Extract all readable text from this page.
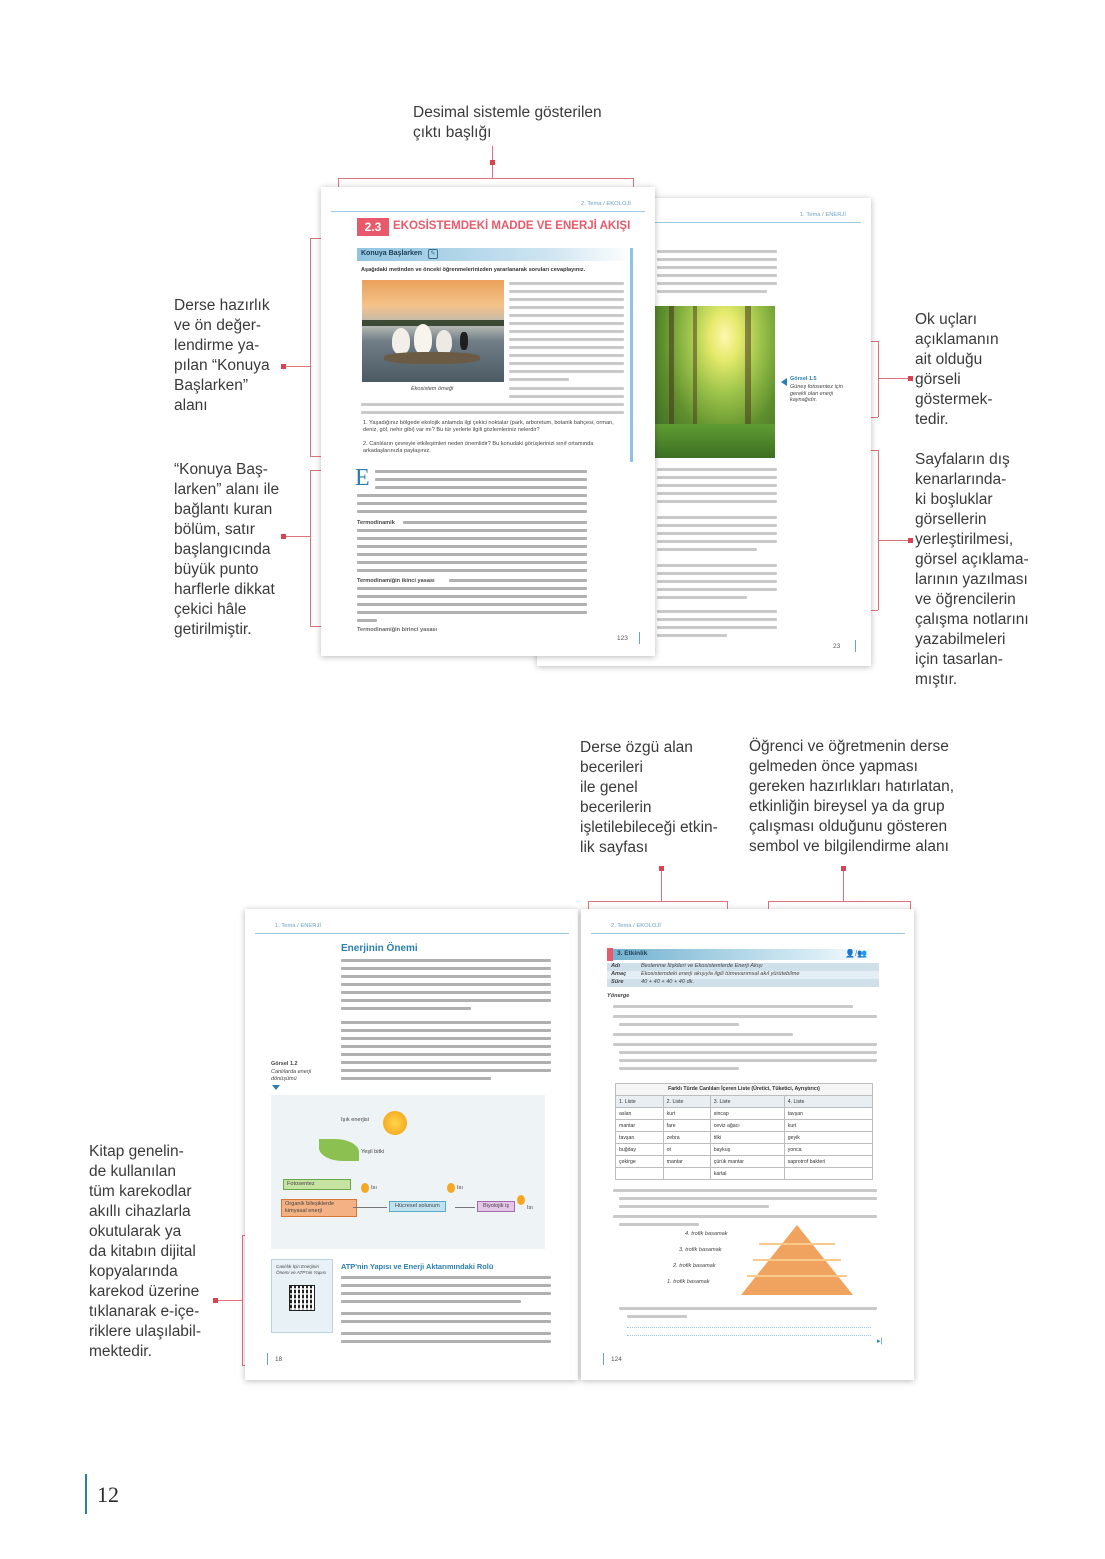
Desimal sistemle gösterilen
çıktı başlığı
Derse hazırlık
ve ön değer-
lendirme ya-
pılan “Konuya
Başlarken”
alanı
“Konuya Baş-
larken” alanı ile
bağlantı kuran
bölüm, satır
başlangıcında
büyük punto
harflerle dikkat
çekici hâle
getirilmiştir.
Ok uçları
açıklamanın
ait olduğu
görseli
göstermek-
tedir.
Sayfaların dış
kenarlarında-
ki boşluklar
görsellerin
yerleştirilmesi,
görsel açıklama-
larının yazılması
ve öğrencilerin
çalışma notlarını
yazabilmeleri
için tasarlan-
mıştır.
1. Tema / ENERJİ
Görsel 1.5
Güneş fotosentez için gerekli olan enerji kaynağıdır.
23
2. Tema / EKOLOJİ
2.3	EKOSİSTEMDEKİ MADDE VE ENERJİ AKIŞI
Konuya Başlarken	✎
Aşağıdaki metinden ve önceki öğrenmelerinizden yararlanarak soruları cevaplayınız.
Ekosistem örneği
1. Yaşadığınız bölgede ekolojik anlamda ilgi çekici noktalar (park, arboretum, botanik bahçesi, orman, deniz, göl, nehir gibi) var mı? Bu tür yerlerle ilgili gözlemleriniz nelerdir?
2. Canlıların çevreyle etkileşimleri neden önemlidir? Bu konudaki görüşlerinizi sınıf ortamında arkadaşlarınızla paylaşınız.
E
Termodinamik
Termodinamiğin ikinci yasası
Termodinamiğin birinci yasası
123
Derse özgü alan
becerileri
ile genel
becerilerin
işletilebileceği etkin-
lik sayfası
Öğrenci ve öğretmenin derse
gelmeden önce yapması
gereken hazırlıkları hatırlatan,
etkinliğin bireysel ya da grup
çalışması olduğunu gösteren
sembol ve bilgilendirme alanı
Kitap genelin-
de kullanılan
tüm karekodlar
akıllı cihazlarla
okutularak ya
da kitabın dijital
kopyalarında
karekod üzerine
tıklanarak e-içe-
riklere ulaşılabil-
mektedir.
1. Tema / ENERJİ
Enerjinin Önemi
Görsel 1.2
Canlılarda enerji dönüşümü
Işık enerjisi
Yeşil bitki
Fotosentez
Organik bileşiklerde kimyasal enerji
Hücresel solunum	Biyolojik iş
Isı	Isı
Isı
ATP'nin Yapısı ve Enerji Aktarımındaki Rolü
Canlılık İçin Enerjinin Önemi ve ATP'nin Yapısı
18
2. Tema / EKOLOJİ
3. Etkinlik	👤/👥
Adı	Beslenme İlişkileri ve Ekosistemlerde Enerji Akışı
Amaç	Ekosistemdeki enerji akışıyla ilgili tümevarımsal akıl yürütebilme
Süre	40 + 40 + 40 + 40 dk.
Yönerge
Farklı Türde Canlıları İçeren Liste (Üretici, Tüketici, Ayrıştırıcı)
1. Liste	2. Liste	3. Liste	4. Liste
aslan	kurt	sincap	tavşan
mantar	fare	ceviz ağacı	kurt
tavşan	zebra	tilki	geyik
buğday	ot	baykuş	yonca
çekirge	mantar	çürük mantar	saprotrof bakteri
		kartal	
4. trofik basamak
3. trofik basamak
2. trofik basamak
1. trofik basamak
▸|
124
12
